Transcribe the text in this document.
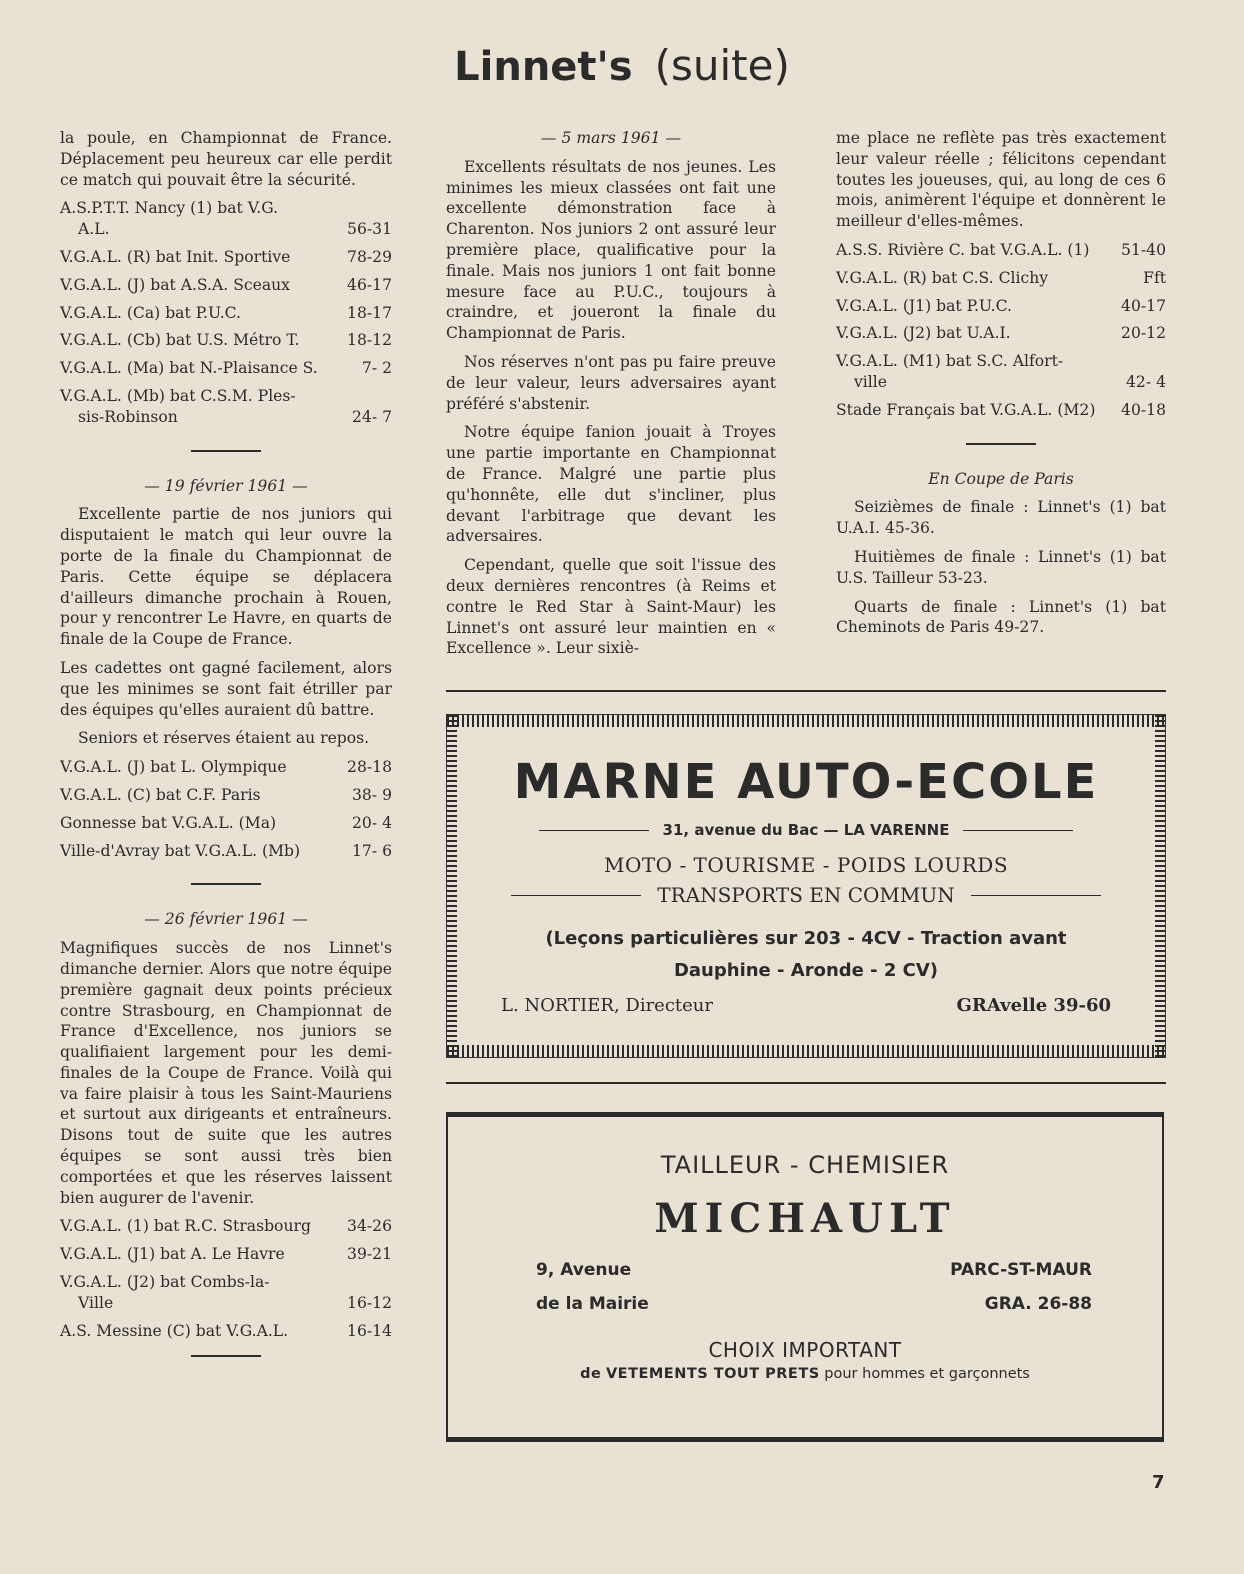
Linnet's (suite)

la poule, en Championnat de France. Déplacement peu heureux car elle perdit ce match qui pouvait être la sécurité.

A.S.P.T.T. Nancy (1) bat V.G.
A.L.	56-31
V.G.A.L. (R) bat Init. Sportive	78-29
V.G.A.L. (J) bat A.S.A. Sceaux	46-17
V.G.A.L. (Ca) bat P.U.C.	18-17
V.G.A.L. (Cb) bat U.S. Métro T.	18-12
V.G.A.L. (Ma) bat N.-Plaisance S.	7- 2
V.G.A.L. (Mb) bat C.S.M. Ples-
sis-Robinson	24- 7
— 19 février 1961 —

Excellente partie de nos juniors qui disputaient le match qui leur ouvre la porte de la finale du Championnat de Paris. Cette équipe se déplacera d'ailleurs dimanche prochain à Rouen, pour y rencontrer Le Havre, en quarts de finale de la Coupe de France.

Les cadettes ont gagné facilement, alors que les minimes se sont fait étriller par des équipes qu'elles auraient dû battre.

Seniors et réserves étaient au repos.

V.G.A.L. (J) bat L. Olympique	28-18
V.G.A.L. (C) bat C.F. Paris	38- 9
Gonnesse bat V.G.A.L. (Ma)	20- 4
Ville-d'Avray bat V.G.A.L. (Mb)	17- 6
— 26 février 1961 —

Magnifiques succès de nos Linnet's dimanche dernier. Alors que notre équipe première gagnait deux points précieux contre Strasbourg, en Championnat de France d'Excellence, nos juniors se qualifiaient largement pour les demi-finales de la Coupe de France. Voilà qui va faire plaisir à tous les Saint-Mauriens et surtout aux dirigeants et entraîneurs. Disons tout de suite que les autres équipes se sont aussi très bien comportées et que les réserves laissent bien augurer de l'avenir.

V.G.A.L. (1) bat R.C. Strasbourg	34-26
V.G.A.L. (J1) bat A. Le Havre	39-21
V.G.A.L. (J2) bat Combs-la-
Ville	16-12
A.S. Messine (C) bat V.G.A.L.	16-14
— 5 mars 1961 —

Excellents résultats de nos jeunes. Les minimes les mieux classées ont fait une excellente démonstration face à Charenton. Nos juniors 2 ont assuré leur première place, qualificative pour la finale. Mais nos juniors 1 ont fait bonne mesure face au P.U.C., toujours à craindre, et joueront la finale du Championnat de Paris.

Nos réserves n'ont pas pu faire preuve de leur valeur, leurs adversaires ayant préféré s'abstenir.

Notre équipe fanion jouait à Troyes une partie importante en Championnat de France. Malgré une partie plus qu'honnête, elle dut s'incliner, plus devant l'arbitrage que devant les adversaires.

Cependant, quelle que soit l'issue des deux dernières rencontres (à Reims et contre le Red Star à Saint-Maur) les Linnet's ont assuré leur maintien en « Excellence ». Leur sixiè-

me place ne reflète pas très exactement leur valeur réelle ; félicitons cependant toutes les joueuses, qui, au long de ces 6 mois, animèrent l'équipe et donnèrent le meilleur d'elles-mêmes.

A.S.S. Rivière C. bat V.G.A.L. (1)	51-40
V.G.A.L. (R) bat C.S. Clichy	Fft
V.G.A.L. (J1) bat P.U.C.	40-17
V.G.A.L. (J2) bat U.A.I.	20-12
V.G.A.L. (M1) bat S.C. Alfort-
ville	42- 4
Stade Français bat V.G.A.L. (M2)	40-18
En Coupe de Paris

Seizièmes de finale : Linnet's (1) bat U.A.I. 45-36.

Huitièmes de finale : Linnet's (1) bat U.S. Tailleur 53-23.

Quarts de finale : Linnet's (1) bat Cheminots de Paris 49-27.

MARNE AUTO-ECOLE
31, avenue du Bac — LA VARENNE
MOTO - TOURISME - POIDS LOURDS
TRANSPORTS EN COMMUN
(Leçons particulières sur 203 - 4CV - Traction avant
Dauphine - Aronde - 2 CV)
L. NORTIER, Directeur	GRAvelle 39-60
TAILLEUR - CHEMISIER
MICHAULT
9, Avenue	PARC-ST-MAUR
de la Mairie	GRA. 26-88
CHOIX IMPORTANT
de VETEMENTS TOUT PRETS pour hommes et garçonnets
7
